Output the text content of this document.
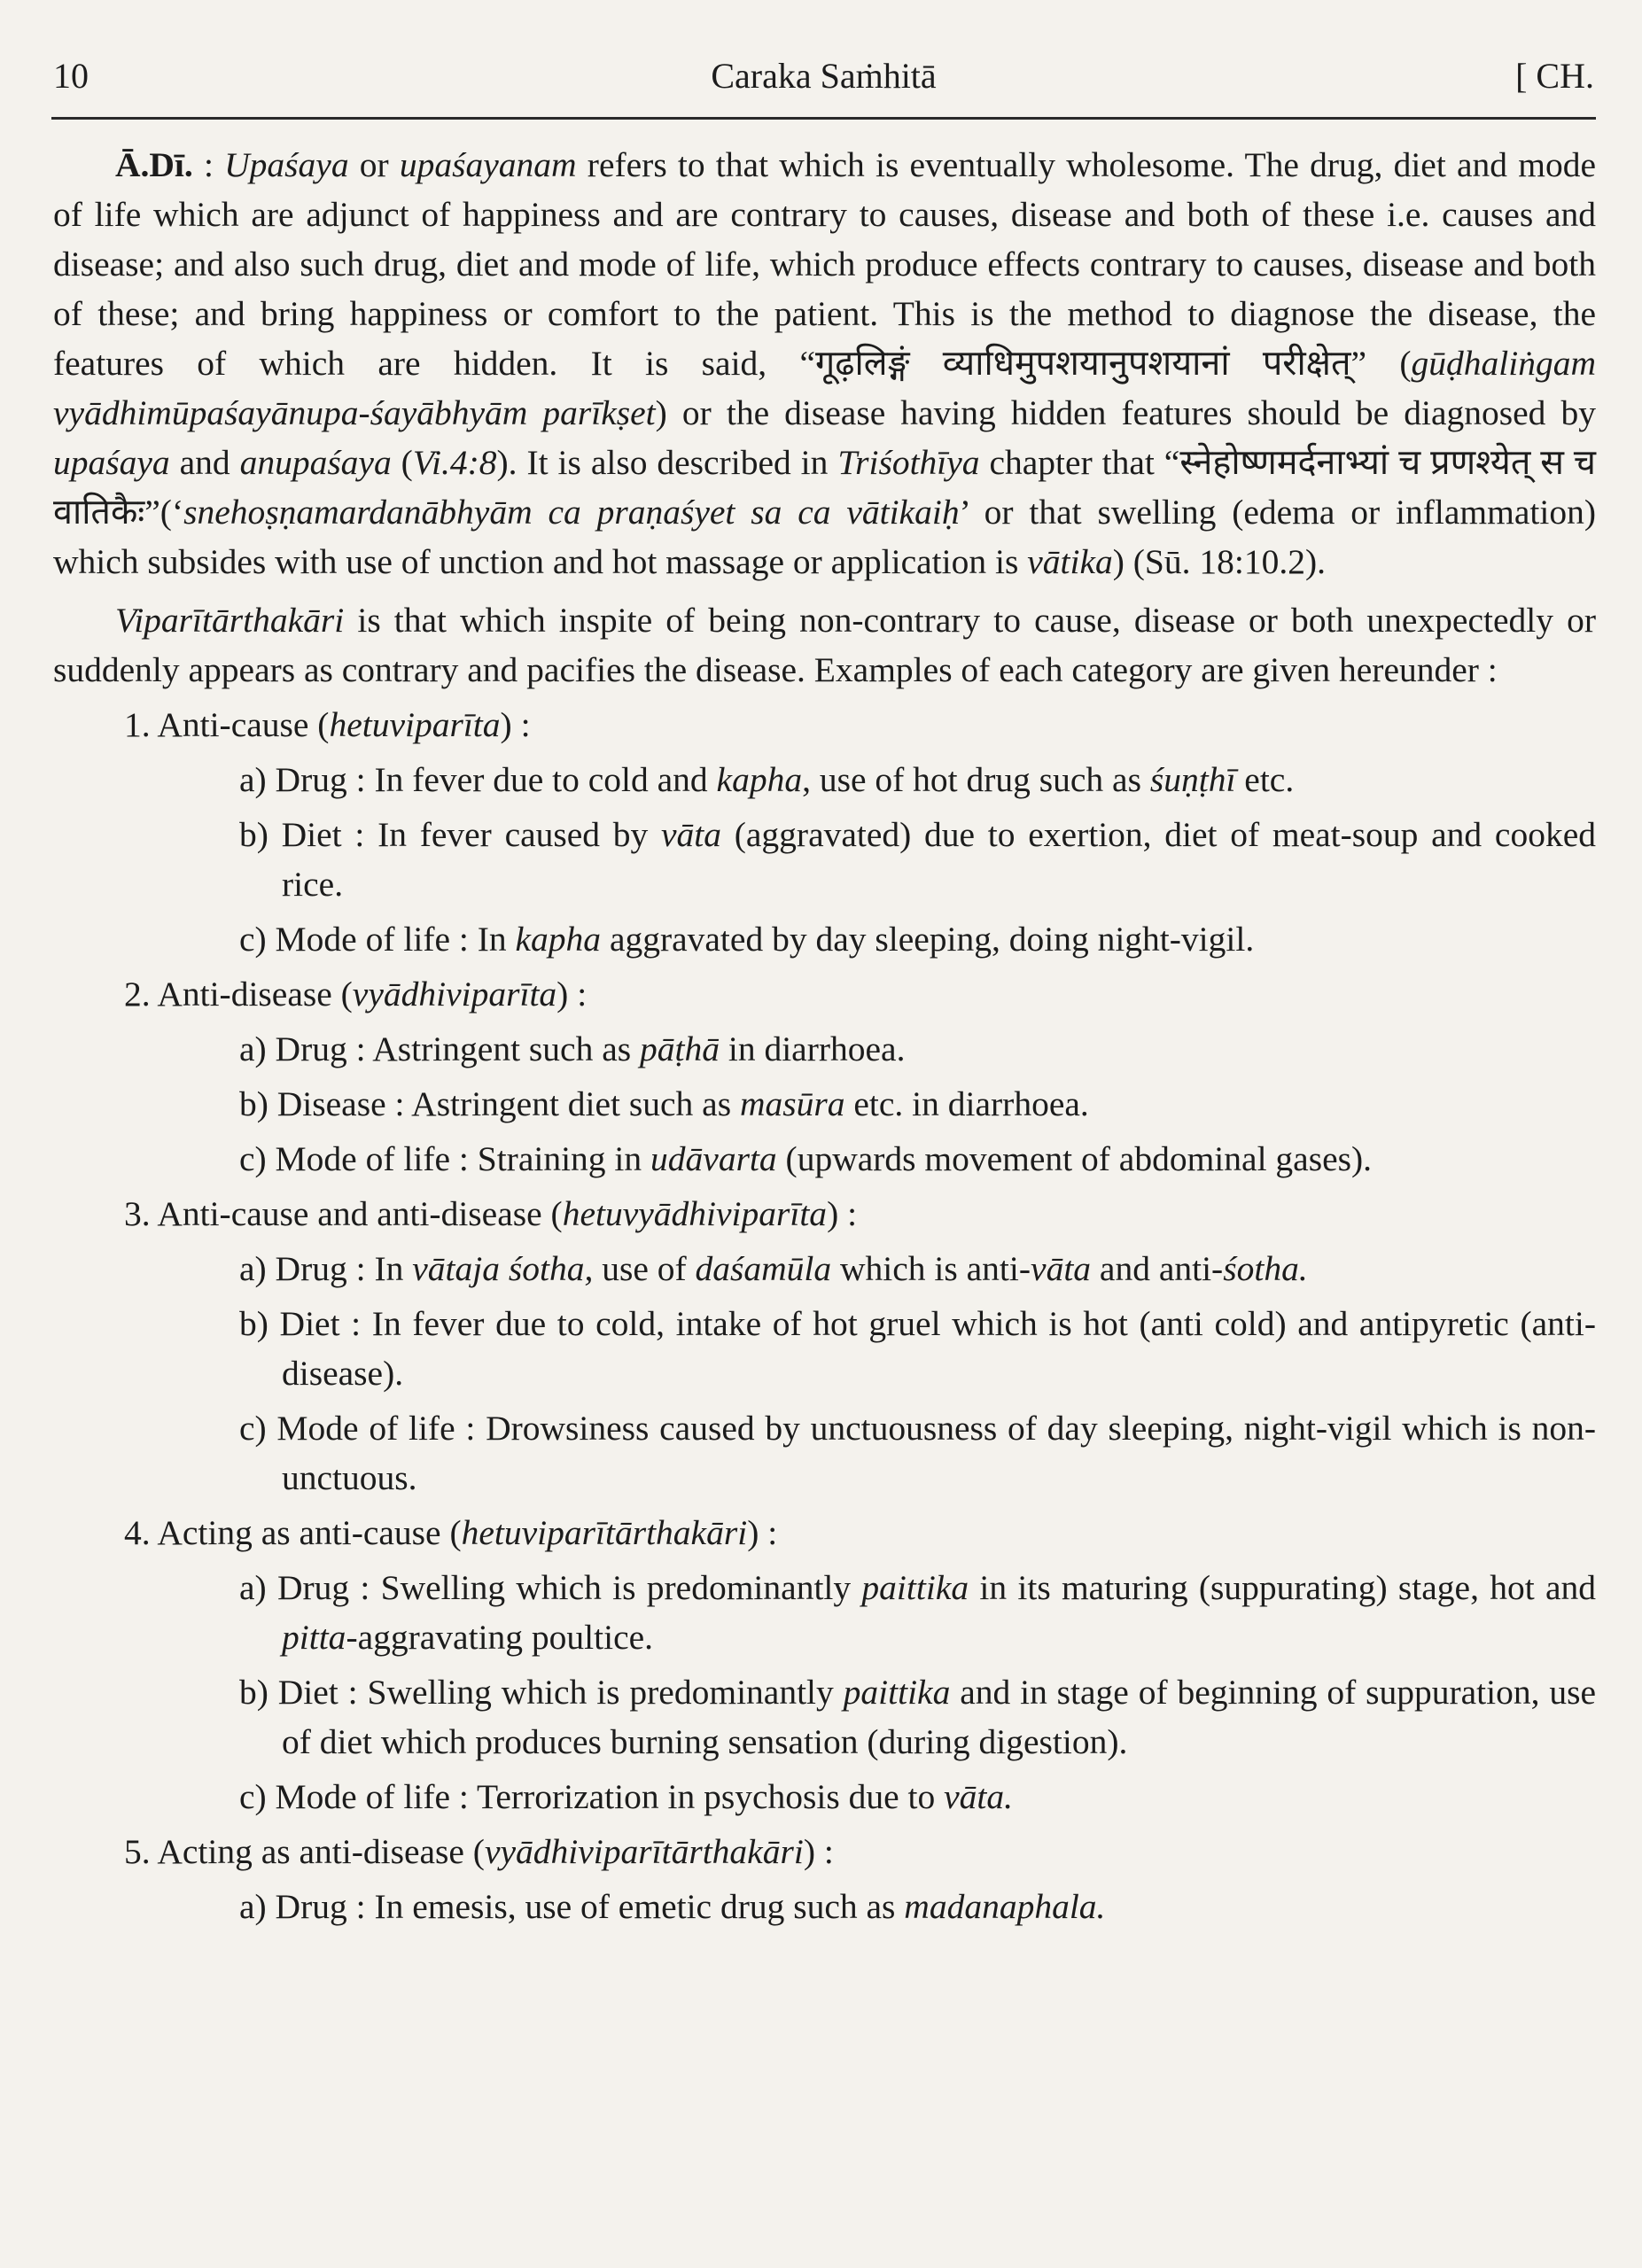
10	Caraka Saṁhitā	[ CH.

Ā.Dī. : Upaśaya or upaśayanam refers to that which is eventually wholesome. The drug, diet and mode of life which are adjunct of happiness and are contrary to causes, disease and both of these i.e. causes and disease; and also such drug, diet and mode of life, which produce effects contrary to causes, disease and both of these; and bring happiness or comfort to the patient. This is the method to diagnose the disease, the features of which are hidden. It is said, “गूढ़लिङ्गं व्याधिमुपशयानुपशयानां परीक्षेत्” (gūḍhaliṅgam vyādhimūpaśayānupa-śayābhyām parīkṣet) or the disease having hidden features should be diagnosed by upaśaya and anupaśaya (Vi.4:8). It is also described in Triśothīya chapter that “स्नेहोष्णमर्दनाभ्यां च प्रणश्येत् स च वातिकैः”(‘snehoṣṇamardanābhyām ca praṇaśyet sa ca vātikaiḥ’ or that swelling (edema or inflammation) which subsides with use of unction and hot massage or application is vātika) (Sū. 18:10.2).

Viparītārthakāri is that which inspite of being non-contrary to cause, disease or both unexpectedly or suddenly appears as contrary and pacifies the disease. Examples of each category are given hereunder :

1. Anti-cause (hetuviparīta) :

a) Drug : In fever due to cold and kapha, use of hot drug such as śuṇṭhī etc.

b) Diet : In fever caused by vāta (aggravated) due to exertion, diet of meat-soup and cooked rice.

c) Mode of life : In kapha aggravated by day sleeping, doing night-vigil.

2. Anti-disease (vyādhiviparīta) :

a) Drug : Astringent such as pāṭhā in diarrhoea.

b) Disease : Astringent diet such as masūra etc. in diarrhoea.

c) Mode of life : Straining in udāvarta (upwards movement of abdominal gases).

3. Anti-cause and anti-disease (hetuvyādhiviparīta) :

a) Drug : In vātaja śotha, use of daśamūla which is anti-vāta and anti-śotha.

b) Diet : In fever due to cold, intake of hot gruel which is hot (anti cold) and antipyretic (anti-disease).

c) Mode of life : Drowsiness caused by unctuousness of day sleeping, night-vigil which is non-unctuous.

4. Acting as anti-cause (hetuviparītārthakāri) :

a) Drug : Swelling which is predominantly paittika in its maturing (suppurating) stage, hot and pitta-aggravating poultice.

b) Diet : Swelling which is predominantly paittika and in stage of beginning of suppuration, use of diet which produces burning sensation (during digestion).

c) Mode of life : Terrorization in psychosis due to vāta.

5. Acting as anti-disease (vyādhiviparītārthakāri) :

a) Drug : In emesis, use of emetic drug such as madanaphala.
